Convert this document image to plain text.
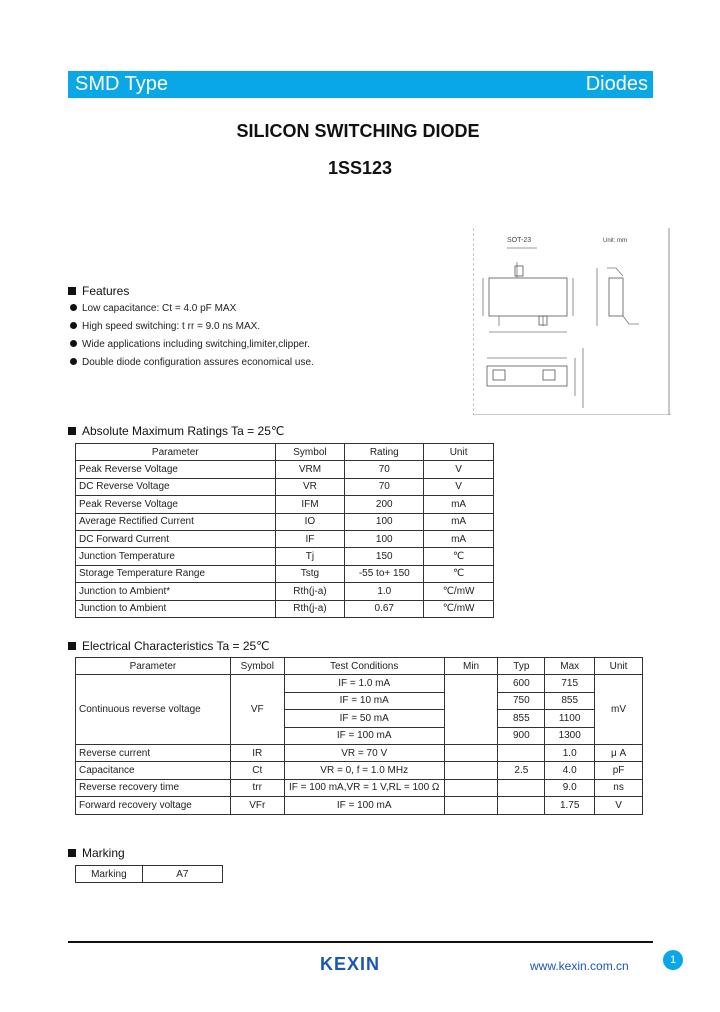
SMD Type	Diodes
SILICON SWITCHING DIODE
1SS123
Features
Low capacitance: Ct = 4.0 pF MAX
High speed switching: t rr = 9.0 ns MAX.
Wide applications including switching,limiter,clipper.
Double diode configuration assures economical use.
SOT-23	Unit: mm
Absolute Maximum Ratings Ta = 25℃
Parameter	Symbol	Rating	Unit
Peak Reverse Voltage	VRM	70	V
DC Reverse Voltage	VR	70	V
Peak Reverse Voltage	IFM	200	mA
Average Rectified Current	IO	100	mA
DC Forward Current	IF	100	mA
Junction Temperature	Tj	150	℃
Storage Temperature Range	Tstg	-55 to+ 150	℃
Junction to Ambient*	Rth(j-a)	1.0	℃/mW
Junction to Ambient	Rth(j-a)	0.67	℃/mW
Electrical Characteristics Ta = 25℃
Parameter	Symbol	Test Conditions	Min	Typ	Max	Unit
Continuous reverse voltage	VF	IF = 1.0 mA		600	715	mV
		IF = 10 mA		750	855	
		IF = 50 mA		855	1100	
		IF = 100 mA		900	1300	
Reverse current	IR	VR = 70 V			1.0	μ A
Capacitance	Ct	VR = 0, f = 1.0 MHz		2.5	4.0	pF
Reverse recovery time	trr	IF = 100 mA,VR = 1 V,RL = 100 Ω			9.0	ns
Forward recovery voltage	VFr	IF = 100 mA			1.75	V
Marking
Marking	A7
KEXIN	www.kexin.com.cn	1
